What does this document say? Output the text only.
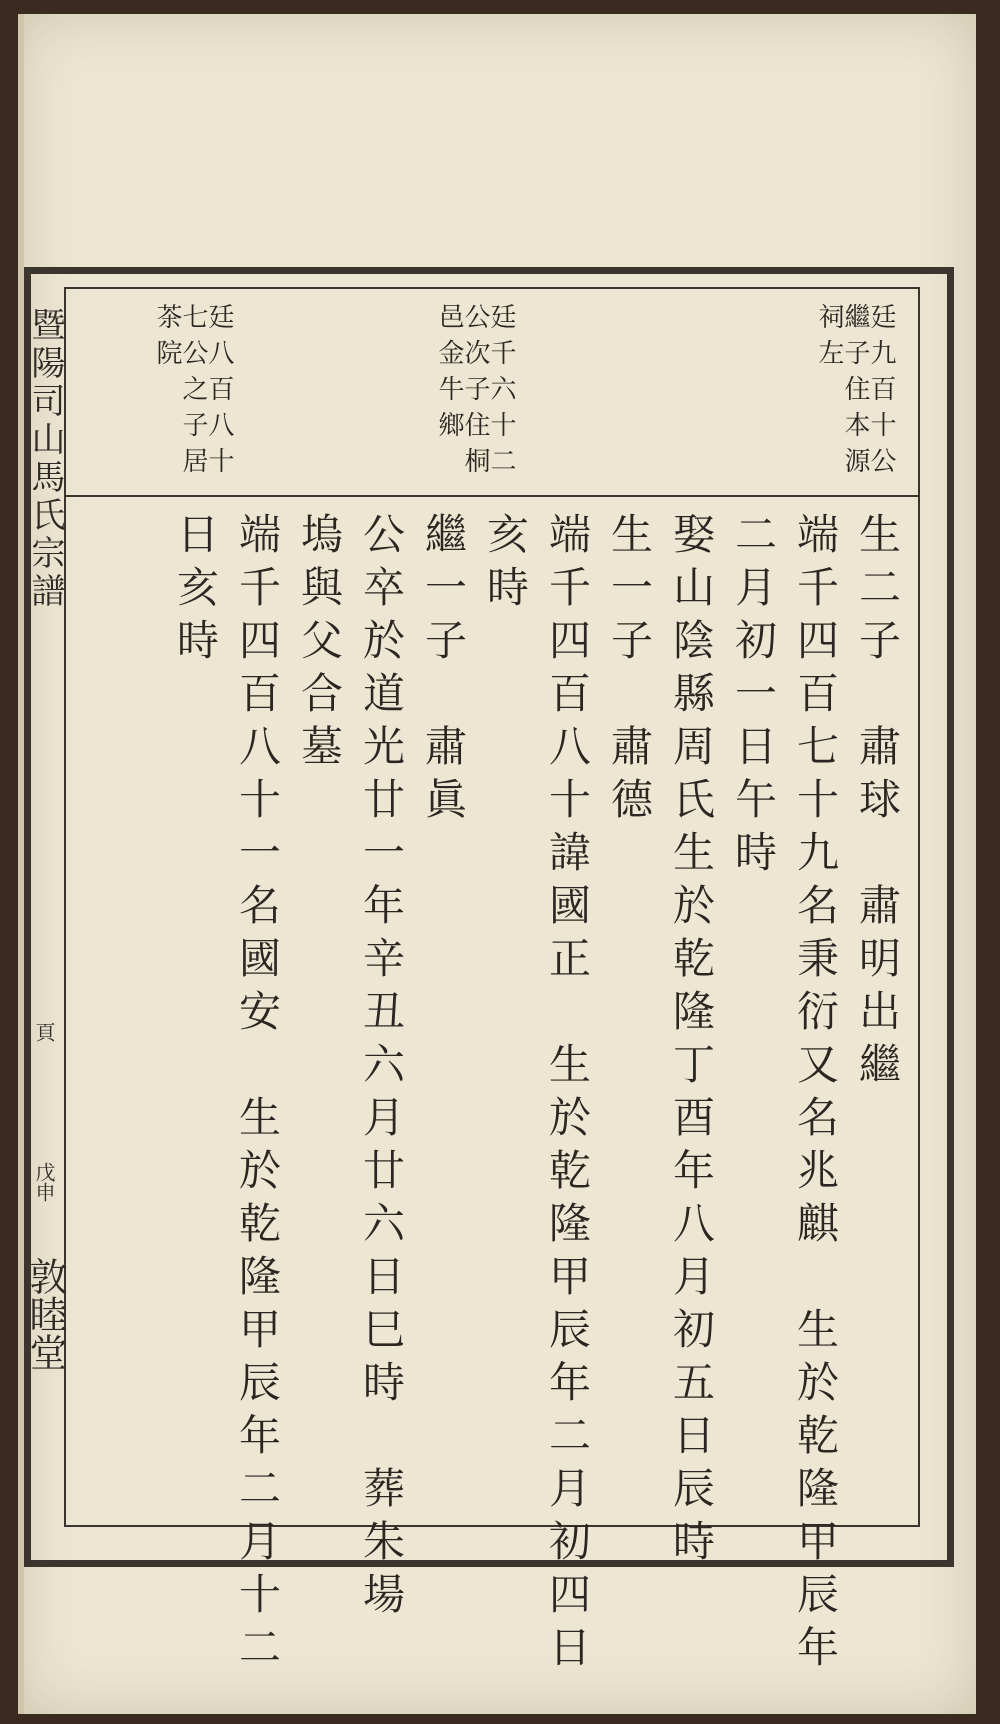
暨陽司山馬氏宗譜
頁
戊申
敦睦堂
廷九百十公繼子住本源祠左
廷千六十二公次子住桐邑金牛鄉
廷八百八十七公之子居茶院
生二子　肅球　肅明出繼
端千四百七十九名秉衍又名兆麒　生於乾隆甲辰年
二月初一日午時
娶山陰縣周氏生於乾隆丁酉年八月初五日辰時
生一子　肅德
端千四百八十諱國正　生於乾隆甲辰年二月初四日
亥時
繼一子　肅眞
公卒於道光廿一年辛丑六月廿六日巳時　葬朱場
塢與父合墓
端千四百八十一名國安　生於乾隆甲辰年二月十二
日亥時
